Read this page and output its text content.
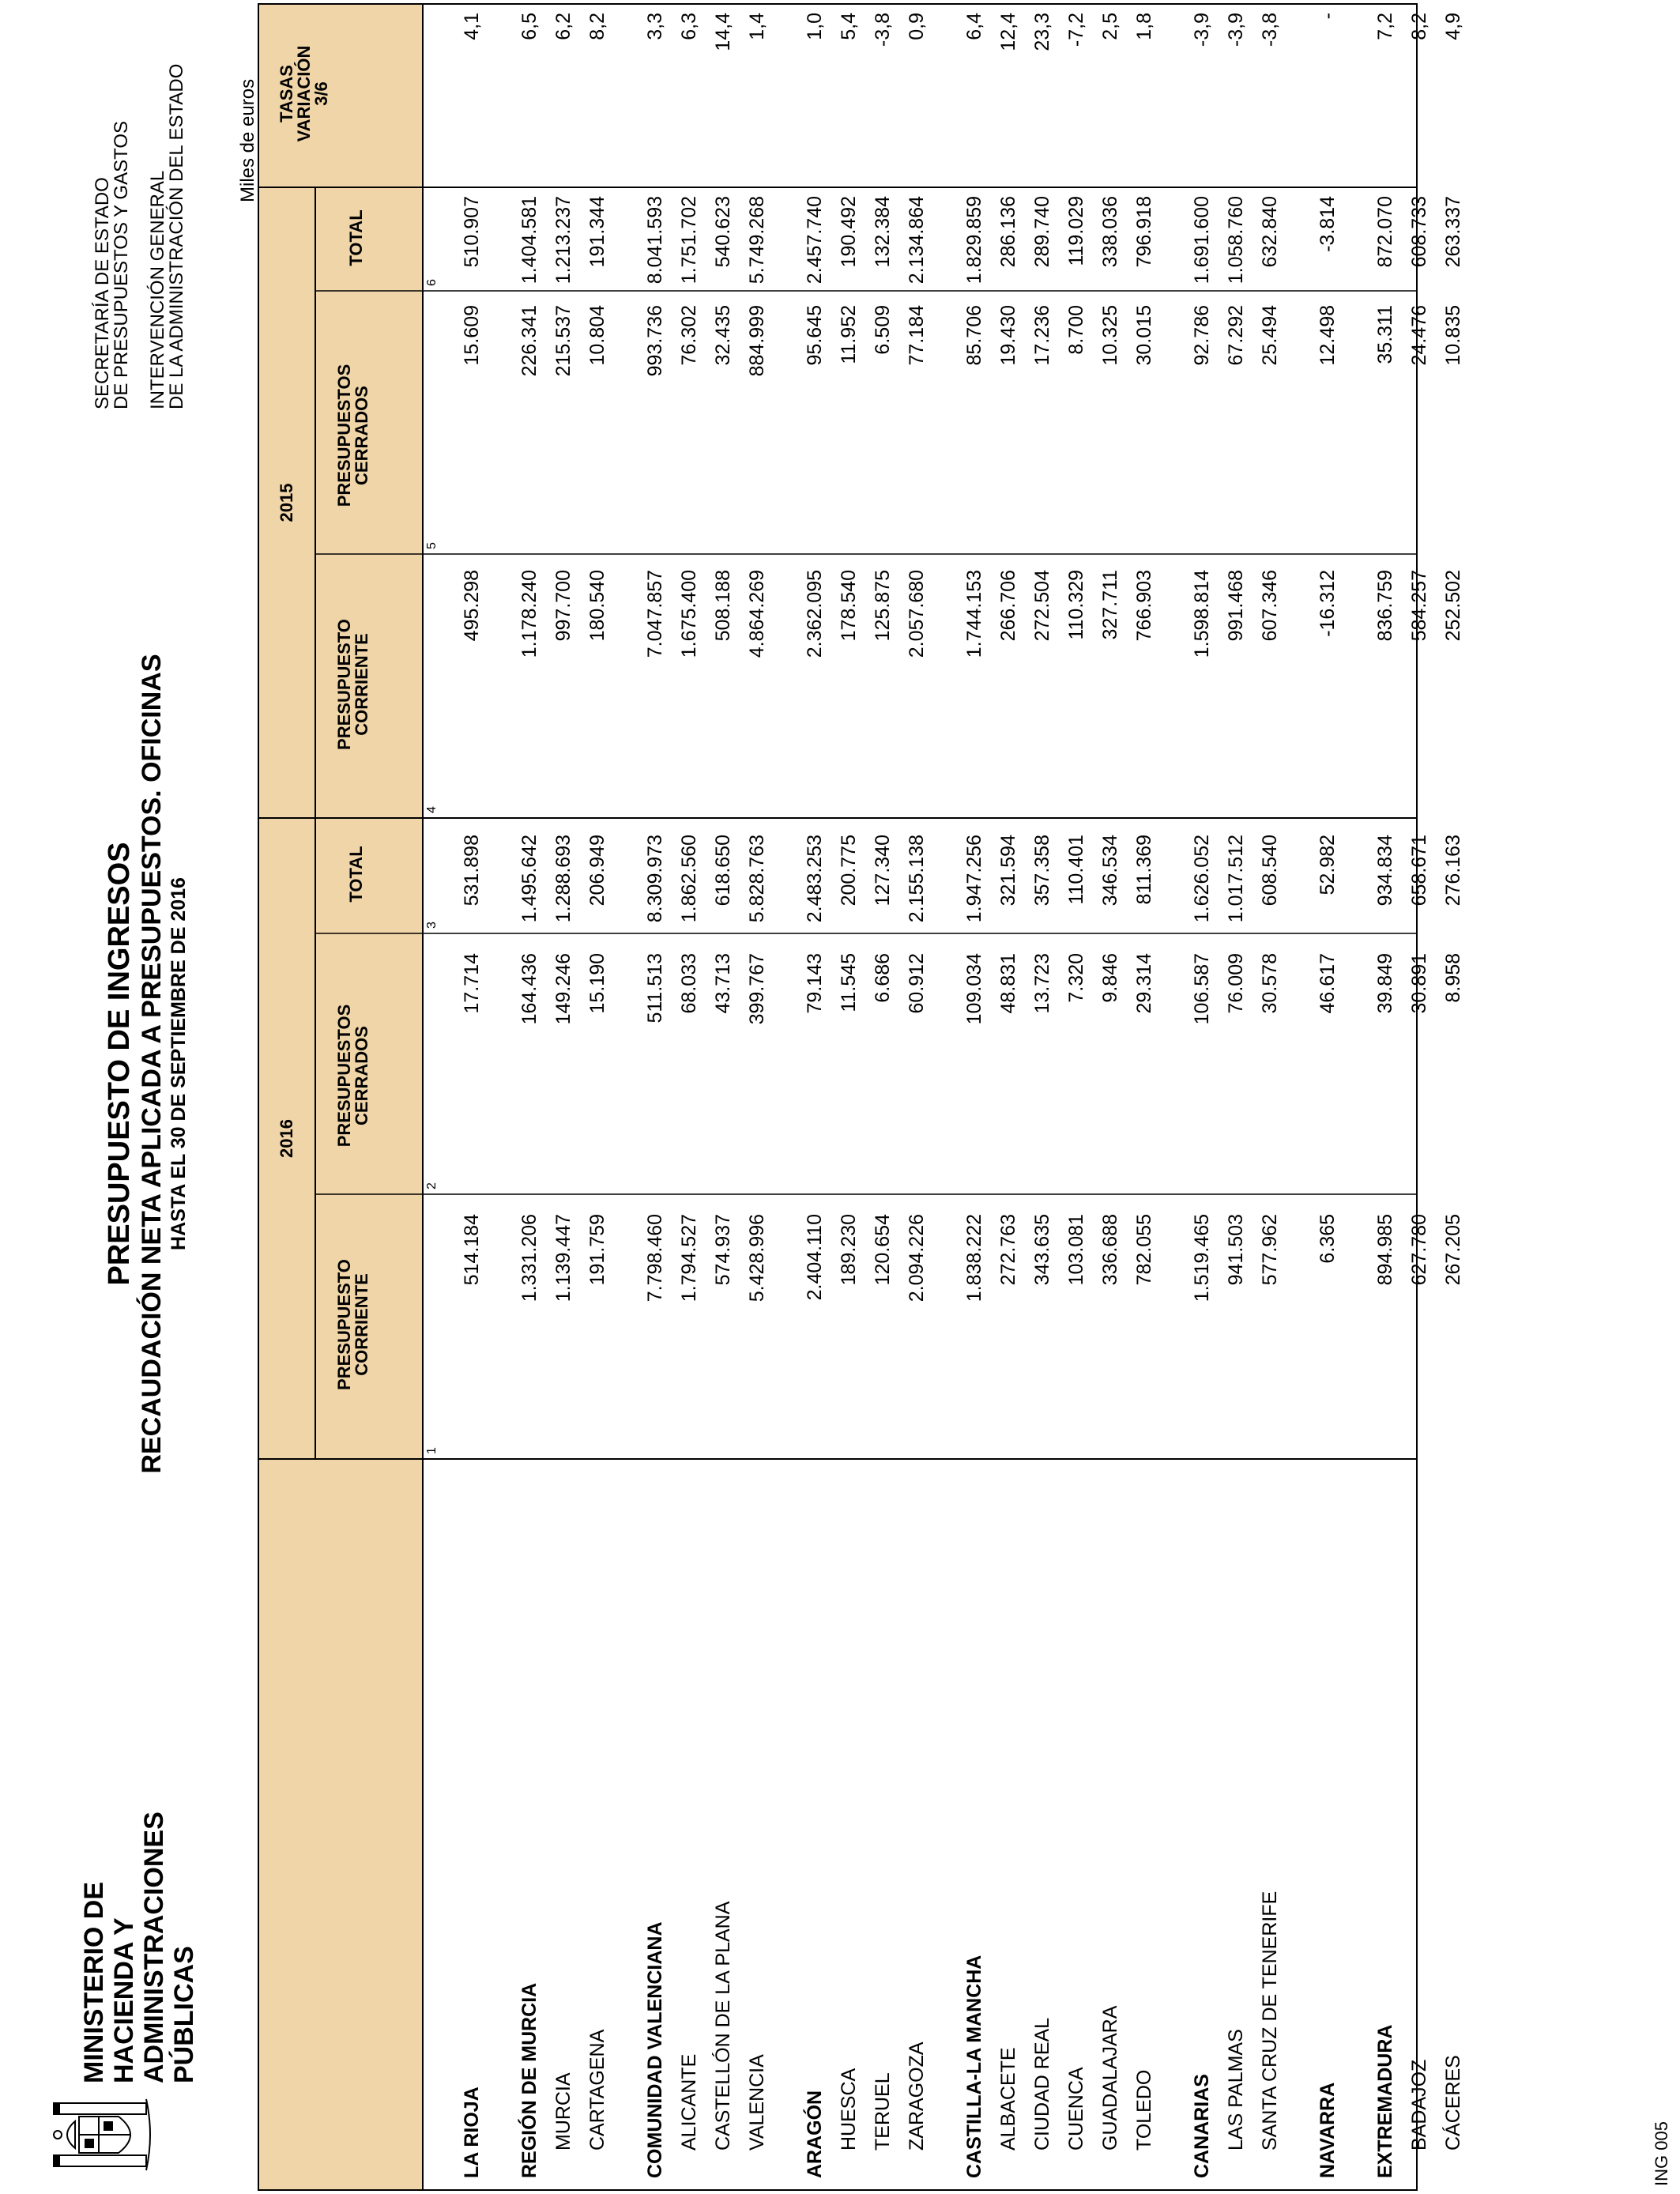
MINISTERIO DE HACIENDA Y ADMINISTRACIONES PÚBLICAS
PRESUPUESTO DE INGRESOS RECAUDACIÓN NETA APLICADA A PRESUPUESTOS. OFICINAS HASTA EL 30 DE SEPTIEMBRE DE 2016
SECRETARÍA DE ESTADO
DE PRESUPUESTOS Y GASTOS INTERVENCIÓN GENERAL
DE LA ADMINISTRACIÓN DEL ESTADO	Miles de euros
2016
2015
PRESUPUESTO CORRIENTE
PRESUPUESTOS CERRADOS
TOTAL
PRESUPUESTO CORRIENTE
PRESUPUESTOS CERRADOS
TOTAL
TASAS
VARIACIÓN
3/6
1
2
3
4
5
6
LA RIOJA
514.184
17.714
531.898
495.298
15.609
510.907
4,1
REGIÓN DE MURCIA
1.331.206
164.436
1.495.642
1.178.240
226.341
1.404.581
6,5
MURCIA
1.139.447
149.246
1.288.693
997.700
215.537
1.213.237
6,2
CARTAGENA
191.759
15.190
206.949
180.540
10.804
191.344
8,2
COMUNIDAD VALENCIANA
7.798.460
511.513
8.309.973
7.047.857
993.736
8.041.593
3,3
ALICANTE
1.794.527
68.033
1.862.560
1.675.400
76.302
1.751.702
6,3
CASTELLÓN DE LA PLANA
574.937
43.713
618.650
508.188
32.435
540.623
14,4
VALENCIA
5.428.996
399.767
5.828.763
4.864.269
884.999
5.749.268
1,4
ARAGÓN
2.404.110
79.143
2.483.253
2.362.095
95.645
2.457.740
1,0
HUESCA
189.230
11.545
200.775
178.540
11.952
190.492
5,4
TERUEL
120.654
6.686
127.340
125.875
6.509
132.384
-3,8
ZARAGOZA
2.094.226
60.912
2.155.138
2.057.680
77.184
2.134.864
0,9
CASTILLA-LA MANCHA
1.838.222
109.034
1.947.256
1.744.153
85.706
1.829.859
6,4
ALBACETE
272.763
48.831
321.594
266.706
19.430
286.136
12,4
CIUDAD REAL
343.635
13.723
357.358
272.504
17.236
289.740
23,3
CUENCA
103.081
7.320
110.401
110.329
8.700
119.029
-7,2
GUADALAJARA
336.688
9.846
346.534
327.711
10.325
338.036
2,5
TOLEDO
782.055
29.314
811.369
766.903
30.015
796.918
1,8
CANARIAS
1.519.465
106.587
1.626.052
1.598.814
92.786
1.691.600
-3,9
LAS PALMAS
941.503
76.009
1.017.512
991.468
67.292
1.058.760
-3,9
SANTA CRUZ DE TENERIFE
577.962
30.578
608.540
607.346
25.494
632.840
-3,8
NAVARRA
6.365
46.617
52.982
-16.312
12.498
-3.814
-
EXTREMADURA
894.985
39.849
934.834
836.759
35.311
872.070
7,2
BADAJOZ
627.780
30.891
658.671
584.257
24.476
608.733
8,2
CÁCERES
267.205
8.958
276.163
252.502
10.835
263.337
4,9
ING 005
